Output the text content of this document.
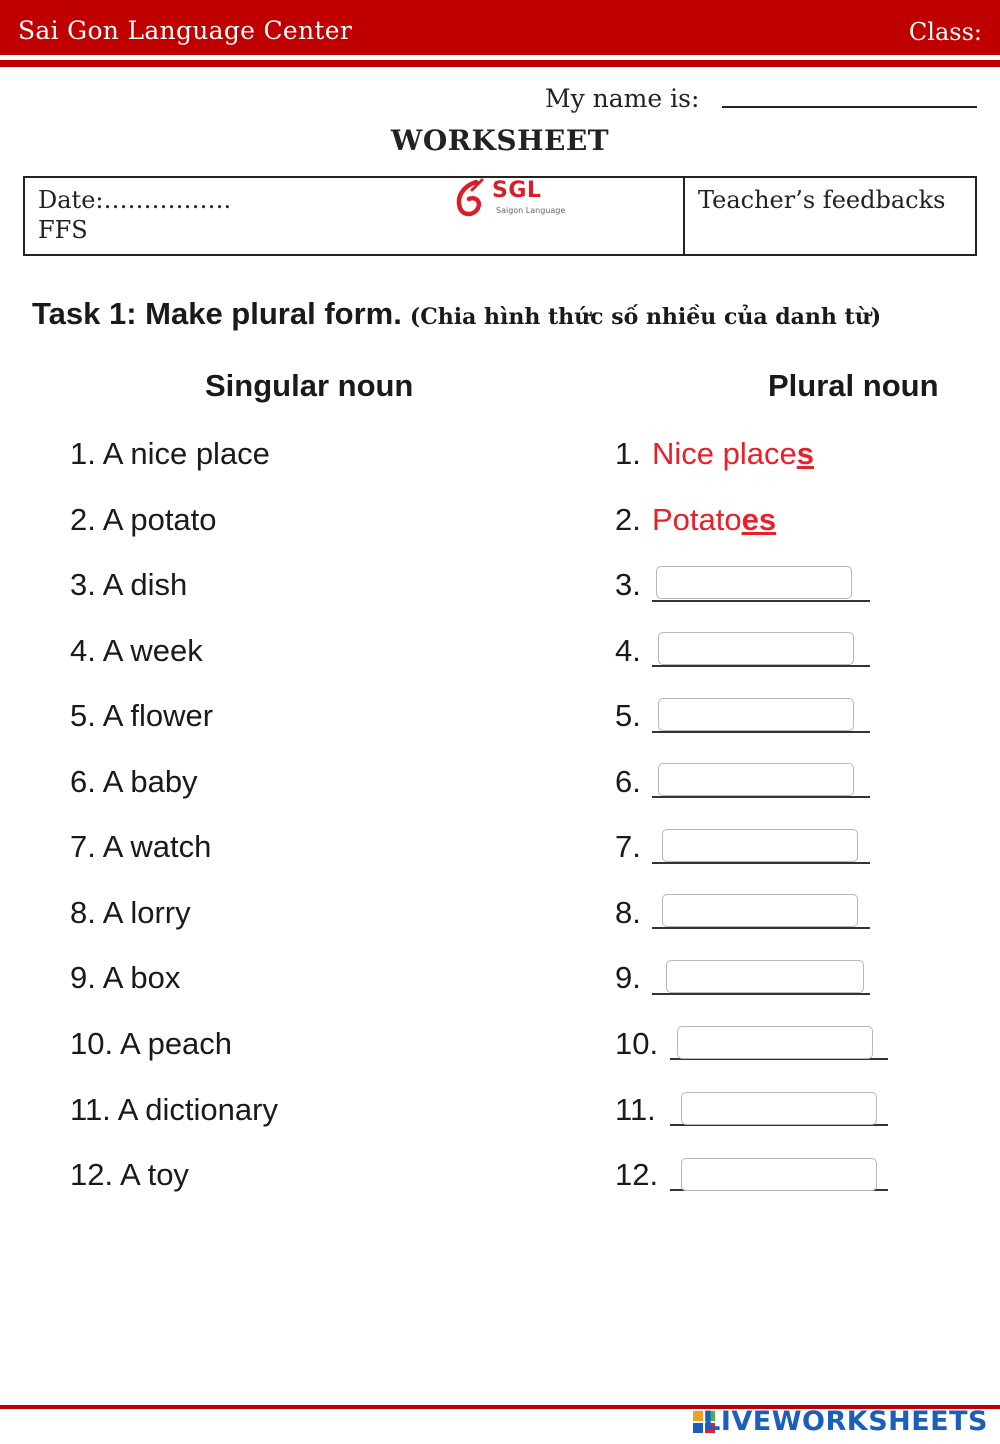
Sai Gon Language Center	Class:
My name is:
WORKSHEET
Date:…………….
FFS
Teacher’s feedbacks
SGL
Saigon Language
Task 1: Make plural form. (Chia hình thức số nhiều của danh từ)
Singular noun	Plural noun
1. A nice place
2. A potato
3. A dish
4. A week
5. A flower
6. A baby
7. A watch
8. A lorry
9. A box
10. A peach
11. A dictionary
12. A toy
1.
2.
3.
4.
5.
6.
7.
8.
9.
10.
11.
12.
Nice places
Potatoes
LIVEWORKSHEETS
